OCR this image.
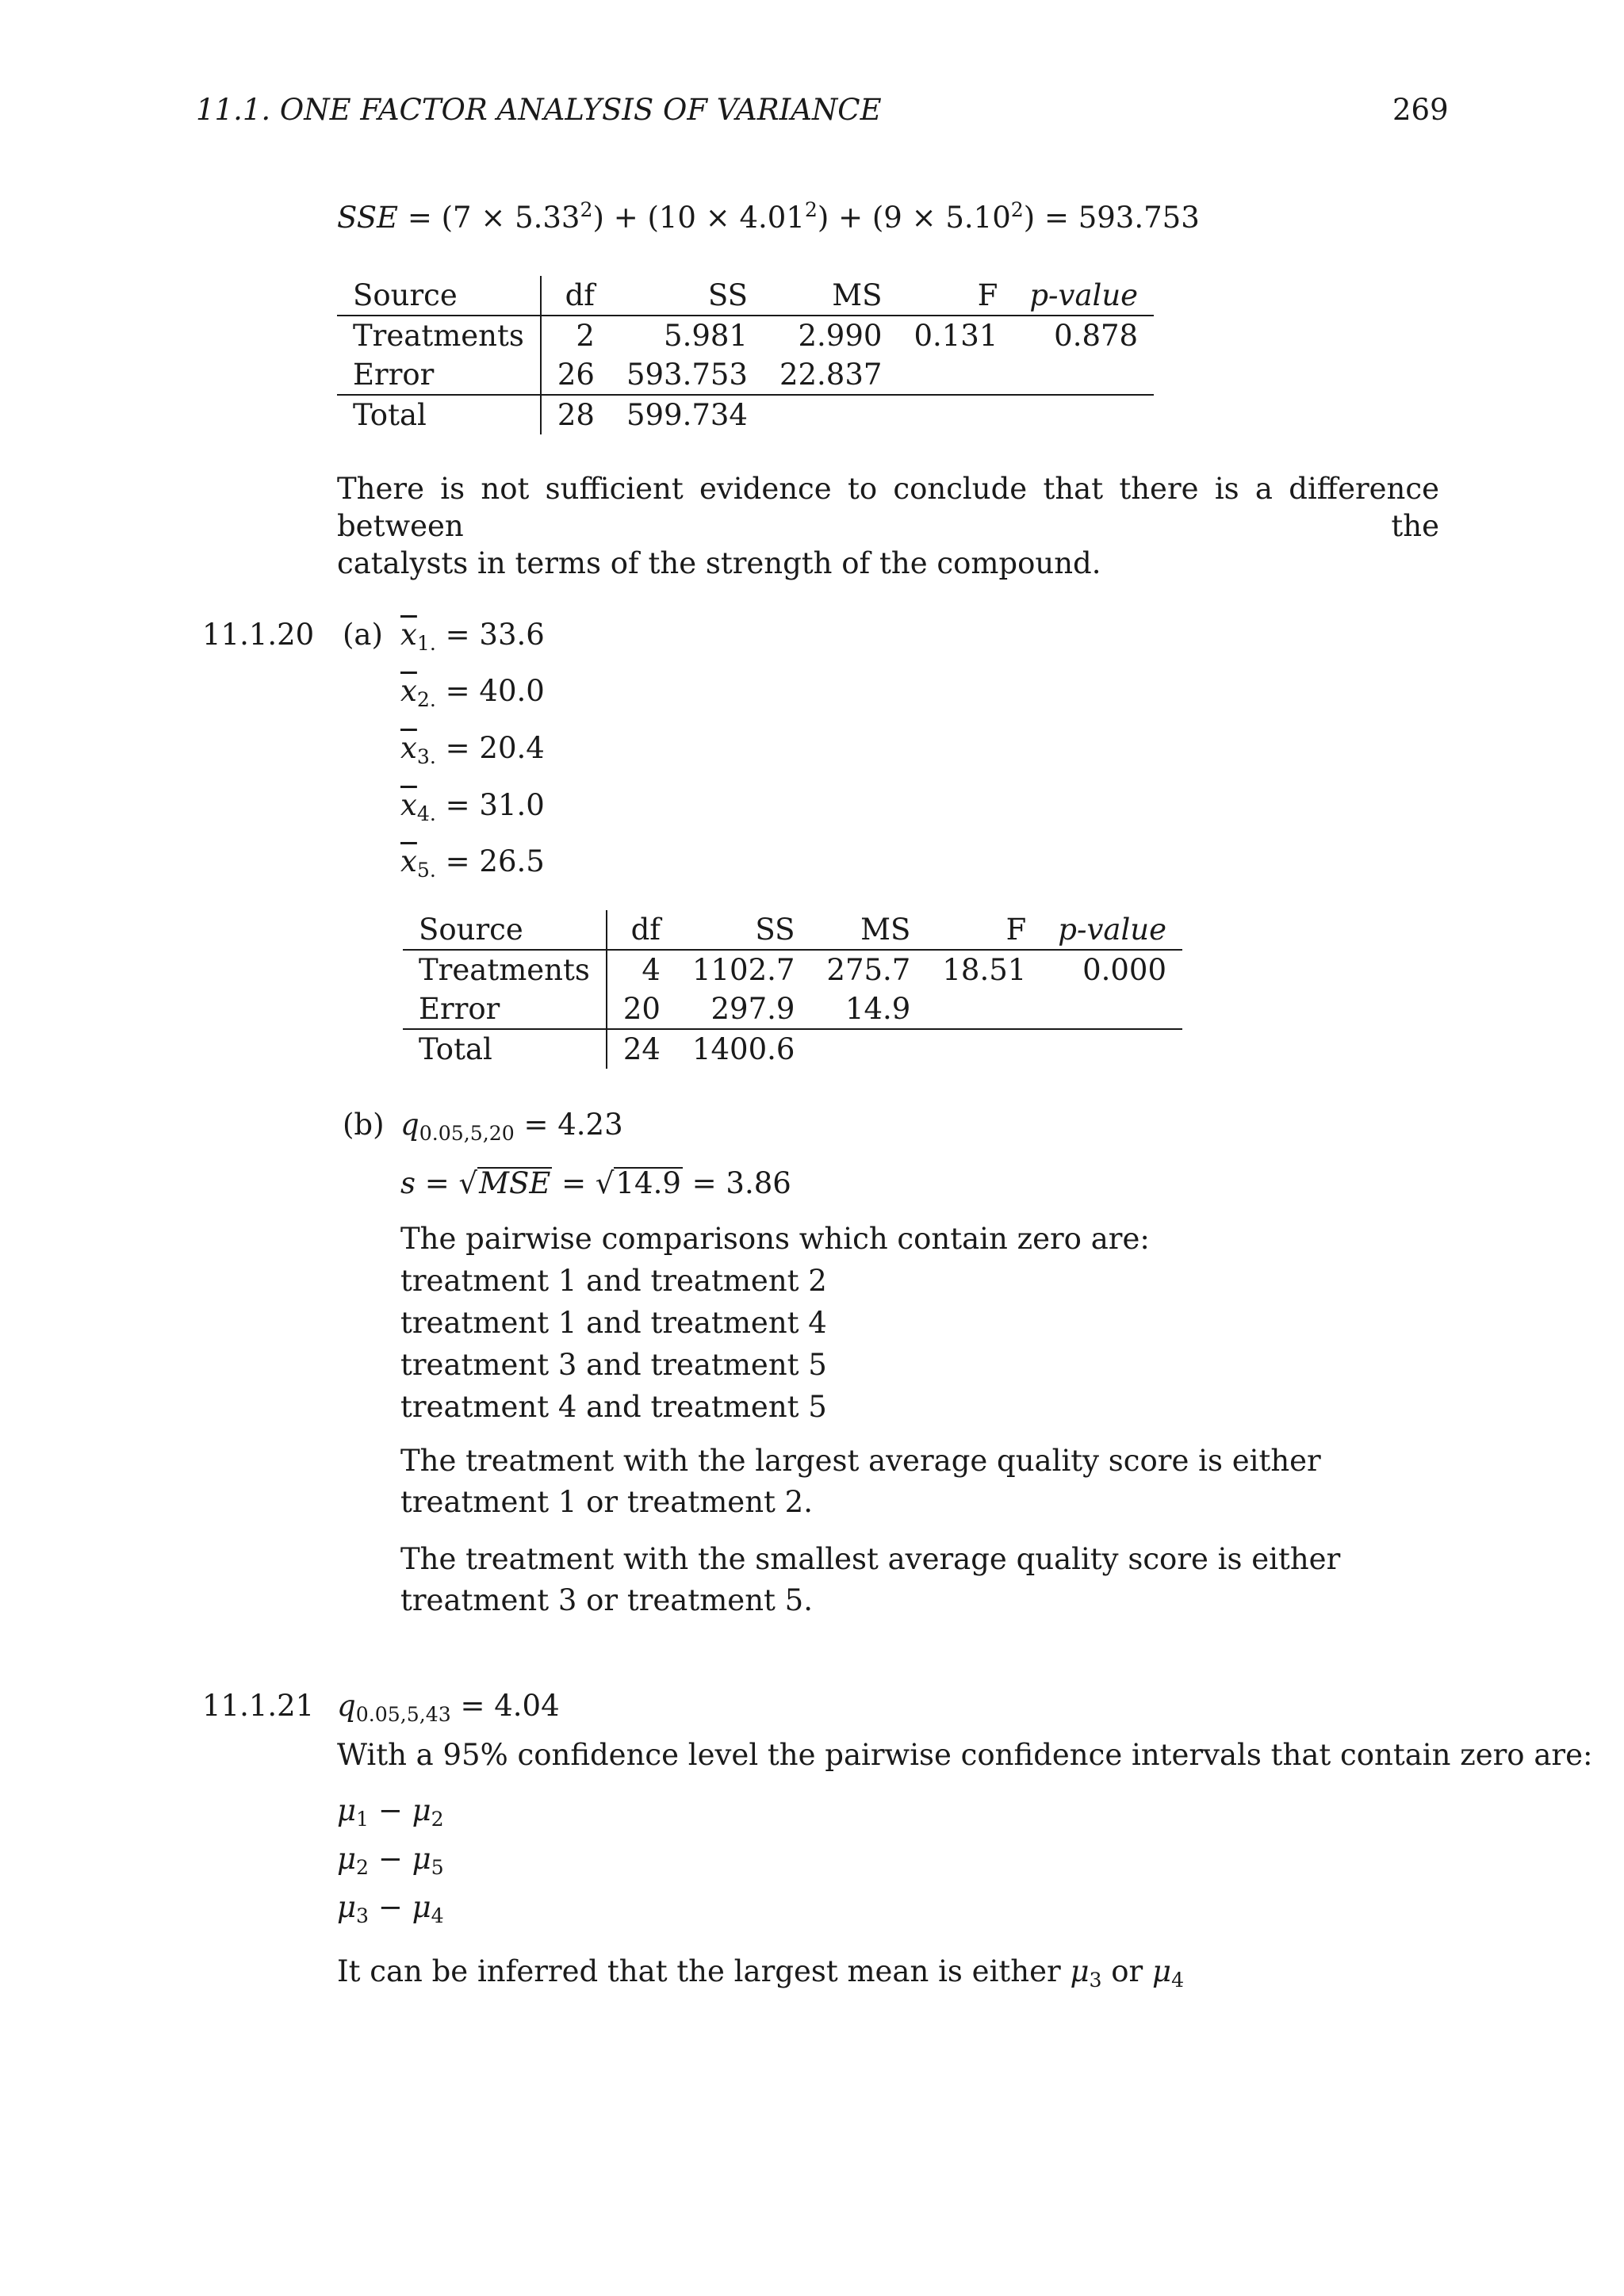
11.1. ONE FACTOR ANALYSIS OF VARIANCE	269
SSE = $(7 \times 5.33^2) + (10 \times 4.01^2) + (9 \times 5.10^2) = 593.753$
Source	df	SS	MS	F	p-value
Treatments	2	5.981	2.990	0.131	0.878
Error	26	593.753	22.837		
Total	28	599.734			
There is not sufficient evidence to conclude that there is a difference between the
catalysts in terms of the strength of the compound.
11.1.20 (a) $\overline{x}_{1.} = 33.6$
$\overline{x}_{2.} = 40.0$
$\overline{x}_{3.} = 20.4$
$\overline{x}_{4.} = 31.0$
$\overline{x}_{5.} = 26.5$
Source	df	SS	MS	F	p-value
Treatments	4	1102.7	275.7	18.51	0.000
Error	20	297.9	14.9		
Total	24	1400.6			
(b) $q_{0.05,5,20} = 4.23$
s = √MSE = √14.9 = 3.86
The pairwise comparisons which contain zero are:
treatment 1 and treatment 2
treatment 1 and treatment 4
treatment 3 and treatment 5
treatment 4 and treatment 5
The treatment with the largest average quality score is either
treatment 1 or treatment 2.
The treatment with the smallest average quality score is either
treatment 3 or treatment 5.
11.1.21 $q_{0.05,5,43} = 4.04$
With a 95% confidence level the pairwise confidence intervals that contain zero are:
$\mu_1 - \mu_2$
$\mu_2 - \mu_5$
$\mu_3 - \mu_4$
It can be inferred that the largest mean is either $\mu_3$ or $\mu_4$
